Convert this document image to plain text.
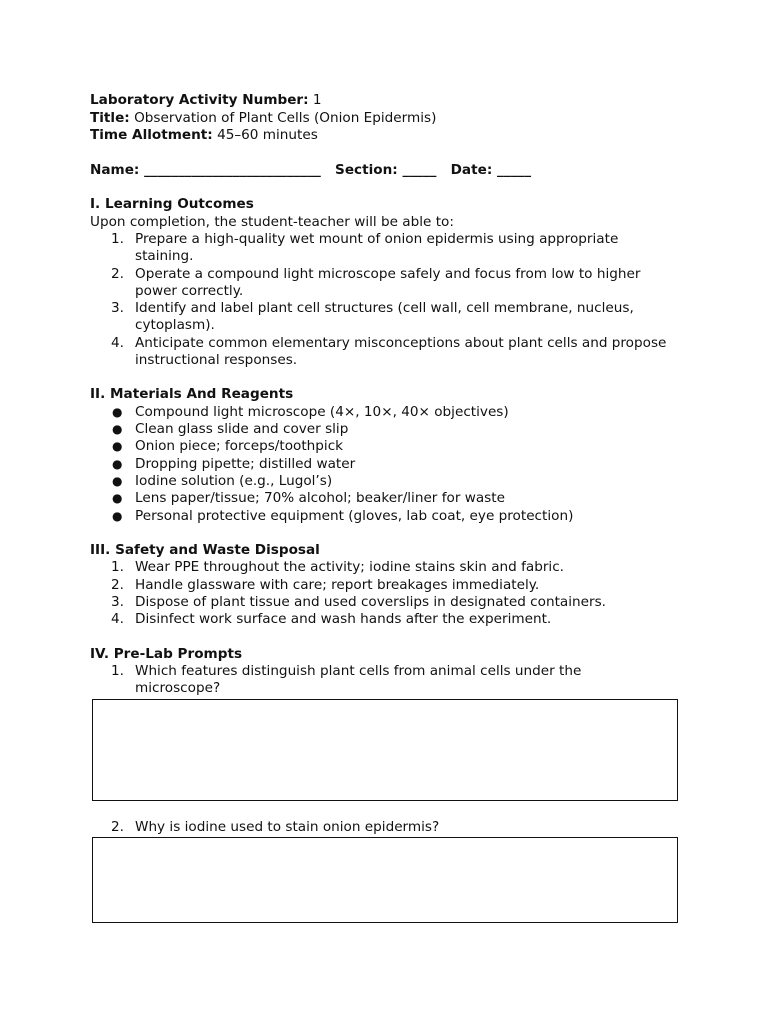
Laboratory Activity Number: 1
Title: Observation of Plant Cells (Onion Epidermis)
Time Allotment: 45–60 minutes
Name: __________________________ Section: _____ Date: _____
I. Learning Outcomes
Upon completion, the student-teacher will be able to:
1. Prepare a high-quality wet mount of onion epidermis using appropriate
staining.
2. Operate a compound light microscope safely and focus from low to higher
power correctly.
3. Identify and label plant cell structures (cell wall, cell membrane, nucleus,
cytoplasm).
4. Anticipate common elementary misconceptions about plant cells and propose
instructional responses.
II. Materials And Reagents
● Compound light microscope (4×, 10×, 40× objectives)
● Clean glass slide and cover slip
● Onion piece; forceps/toothpick
● Dropping pipette; distilled water
● Iodine solution (e.g., Lugol’s)
● Lens paper/tissue; 70% alcohol; beaker/liner for waste
● Personal protective equipment (gloves, lab coat, eye protection)
III. Safety and Waste Disposal
1. Wear PPE throughout the activity; iodine stains skin and fabric.
2. Handle glassware with care; report breakages immediately.
3. Dispose of plant tissue and used coverslips in designated containers.
4. Disinfect work surface and wash hands after the experiment.
IV. Pre-Lab Prompts
1. Which features distinguish plant cells from animal cells under the
microscope?
2. Why is iodine used to stain onion epidermis?
